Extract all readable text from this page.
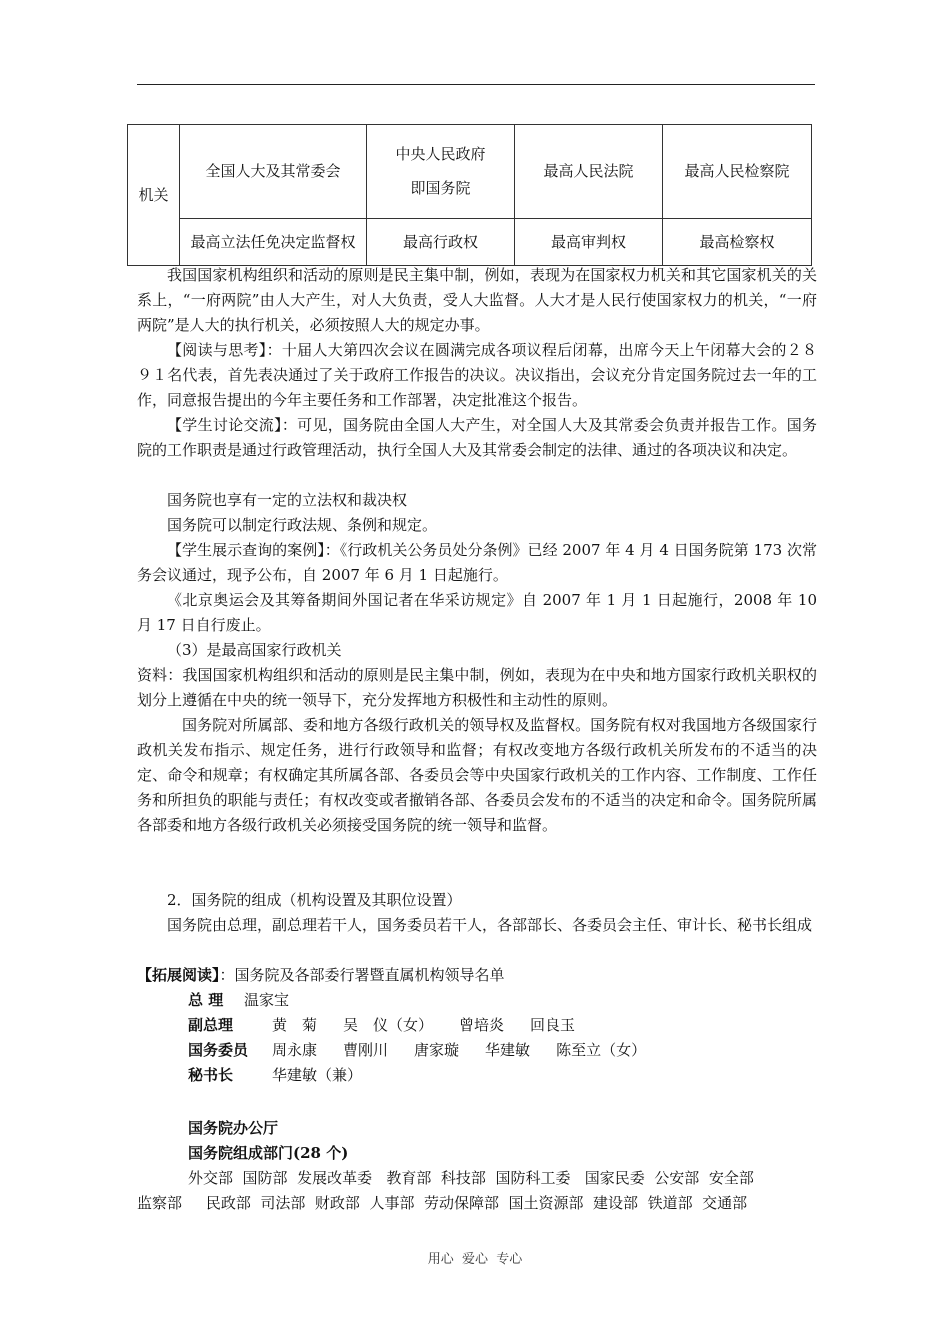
机关	全国人大及其常委会	中央人民政府即国务院	最高人民法院	最高人民检察院
	最高立法任免决定监督权	最高行政权	最高审判权	最高检察权

我国国家机构组织和活动的原则是民主集中制，例如，表现为在国家权力机关和其它国家机关的关系上，“一府两院”由人大产生，对人大负责，受人大监督。人大才是人民行使国家权力的机关，“一府两院”是人大的执行机关，必须按照人大的规定办事。

【阅读与思考】：十届人大第四次会议在圆满完成各项议程后闭幕，出席今天上午闭幕大会的２８９１名代表，首先表决通过了关于政府工作报告的决议。决议指出，会议充分肯定国务院过去一年的工作，同意报告提出的今年主要任务和工作部署，决定批准这个报告。

【学生讨论交流】：可见，国务院由全国人大产生，对全国人大及其常委会负责并报告工作。国务院的工作职责是通过行政管理活动，执行全国人大及其常委会制定的法律、通过的各项决议和决定。

国务院也享有一定的立法权和裁决权

国务院可以制定行政法规、条例和规定。

【学生展示查询的案例】：《行政机关公务员处分条例》已经 2007 年 4 月 4 日国务院第 173 次常务会议通过，现予公布，自 2007 年 6 月 1 日起施行。

《北京奥运会及其筹备期间外国记者在华采访规定》自 2007 年 1 月 1 日起施行，2008 年 10 月 17 日自行废止。

（3）是最高国家行政机关

资料：我国国家机构组织和活动的原则是民主集中制，例如，表现为在中央和地方国家行政机关职权的划分上遵循在中央的统一领导下，充分发挥地方积极性和主动性的原则。

国务院对所属部、委和地方各级行政机关的领导权及监督权。国务院有权对我国地方各级国家行政机关发布指示、规定任务，进行行政领导和监督；有权改变地方各级行政机关所发布的不适当的决定、命令和规章；有权确定其所属各部、各委员会等中央国家行政机关的工作内容、工作制度、工作任务和所担负的职能与责任；有权改变或者撤销各部、各委员会发布的不适当的决定和命令。国务院所属各部委和地方各级行政机关必须接受国务院的统一领导和监督。

2．国务院的组成（机构设置及其职位设置）

国务院由总理，副总理若干人，国务委员若干人，各部部长、各委员会主任、审计长、秘书长组成

【拓展阅读】：国务院及各部委行署暨直属机构领导名单

总 理 温家宝
副总理	黄　菊 吴　仪（女） 曾培炎 回良玉
国务委员 周永康 曹刚川 唐家璇 华建敏 陈至立（女）
秘书长	华建敏（兼）

国务院办公厅

国务院组成部门(28 个)

外交部  国防部  发展改革委   教育部  科技部  国防科工委   国家民委  公安部  安全部

监察部     民政部  司法部  财政部  人事部  劳动保障部  国土资源部  建设部  铁道部  交通部

用心  爱心  专心
